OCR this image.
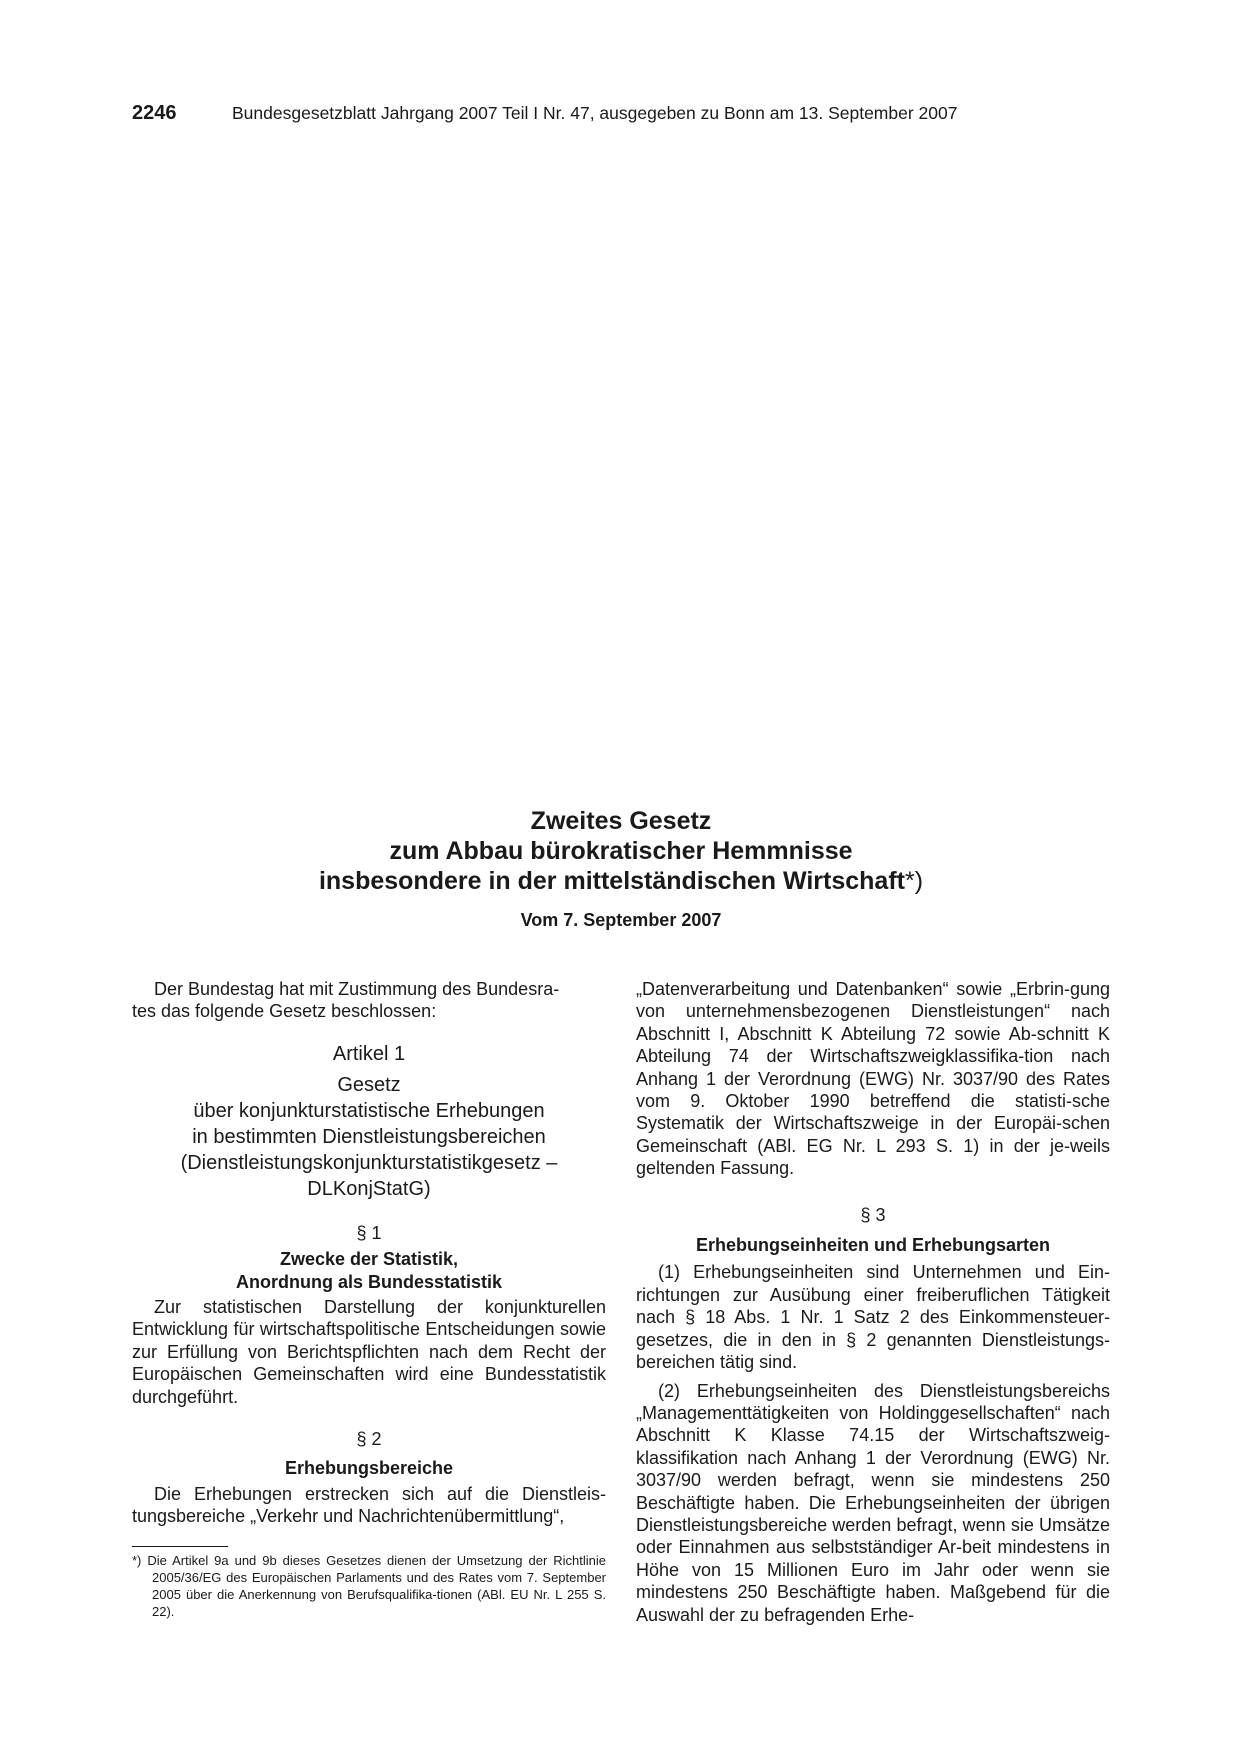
2246	Bundesgesetzblatt Jahrgang 2007 Teil I Nr. 47, ausgegeben zu Bonn am 13. September 2007
Zweites Gesetz
zum Abbau bürokratischer Hemmnisse
insbesondere in der mittelständischen Wirtschaft*)
Vom 7. September 2007

Der Bundestag hat mit Zustimmung des Bundesra-

tes das folgende Gesetz beschlossen:

Artikel 1
Gesetz
über konjunkturstatistische Erhebungen
in bestimmten Dienstleistungsbereichen
(Dienstleistungskonjunkturstatistikgesetz –
DLKonjStatG)

§ 1

Zwecke der Statistik,

Anordnung als Bundesstatistik

Zur statistischen Darstellung der konjunkturellen Entwicklung für wirtschaftspolitische Entscheidungen sowie zur Erfüllung von Berichtspflichten nach dem Recht der Europäischen Gemeinschaften wird eine Bundesstatistik durchgeführt.

§ 2

Erhebungsbereiche

Die Erhebungen erstrecken sich auf die Dienstleis-tungsbereiche „Verkehr und Nachrichtenübermittlung“,

*) Die Artikel 9a und 9b dieses Gesetzes dienen der Umsetzung der Richtlinie 2005/36/EG des Europäischen Parlaments und des Rates vom 7. September 2005 über die Anerkennung von Berufsqualifika-tionen (ABl. EU Nr. L 255 S. 22).

„Datenverarbeitung und Datenbanken“ sowie „Erbrin-gung von unternehmensbezogenen Dienstleistungen“ nach Abschnitt I, Abschnitt K Abteilung 72 sowie Ab-schnitt K Abteilung 74 der Wirtschaftszweigklassifika-tion nach Anhang 1 der Verordnung (EWG) Nr. 3037/90 des Rates vom 9. Oktober 1990 betreffend die statisti-sche Systematik der Wirtschaftszweige in der Europäi-schen Gemeinschaft (ABl. EG Nr. L 293 S. 1) in der je-weils geltenden Fassung.

§ 3

Erhebungseinheiten und Erhebungsarten

(1) Erhebungseinheiten sind Unternehmen und Ein-richtungen zur Ausübung einer freiberuflichen Tätigkeit nach § 18 Abs. 1 Nr. 1 Satz 2 des Einkommensteuer-gesetzes, die in den in § 2 genannten Dienstleistungs-bereichen tätig sind.

(2) Erhebungseinheiten des Dienstleistungsbereichs „Managementtätigkeiten von Holdinggesellschaften“ nach Abschnitt K Klasse 74.15 der Wirtschaftszweig-klassifikation nach Anhang 1 der Verordnung (EWG) Nr. 3037/90 werden befragt, wenn sie mindestens 250 Beschäftigte haben. Die Erhebungseinheiten der übrigen Dienstleistungsbereiche werden befragt, wenn sie Umsätze oder Einnahmen aus selbstständiger Ar-beit mindestens in Höhe von 15 Millionen Euro im Jahr oder wenn sie mindestens 250 Beschäftigte haben. Maßgebend für die Auswahl der zu befragenden Erhe-
